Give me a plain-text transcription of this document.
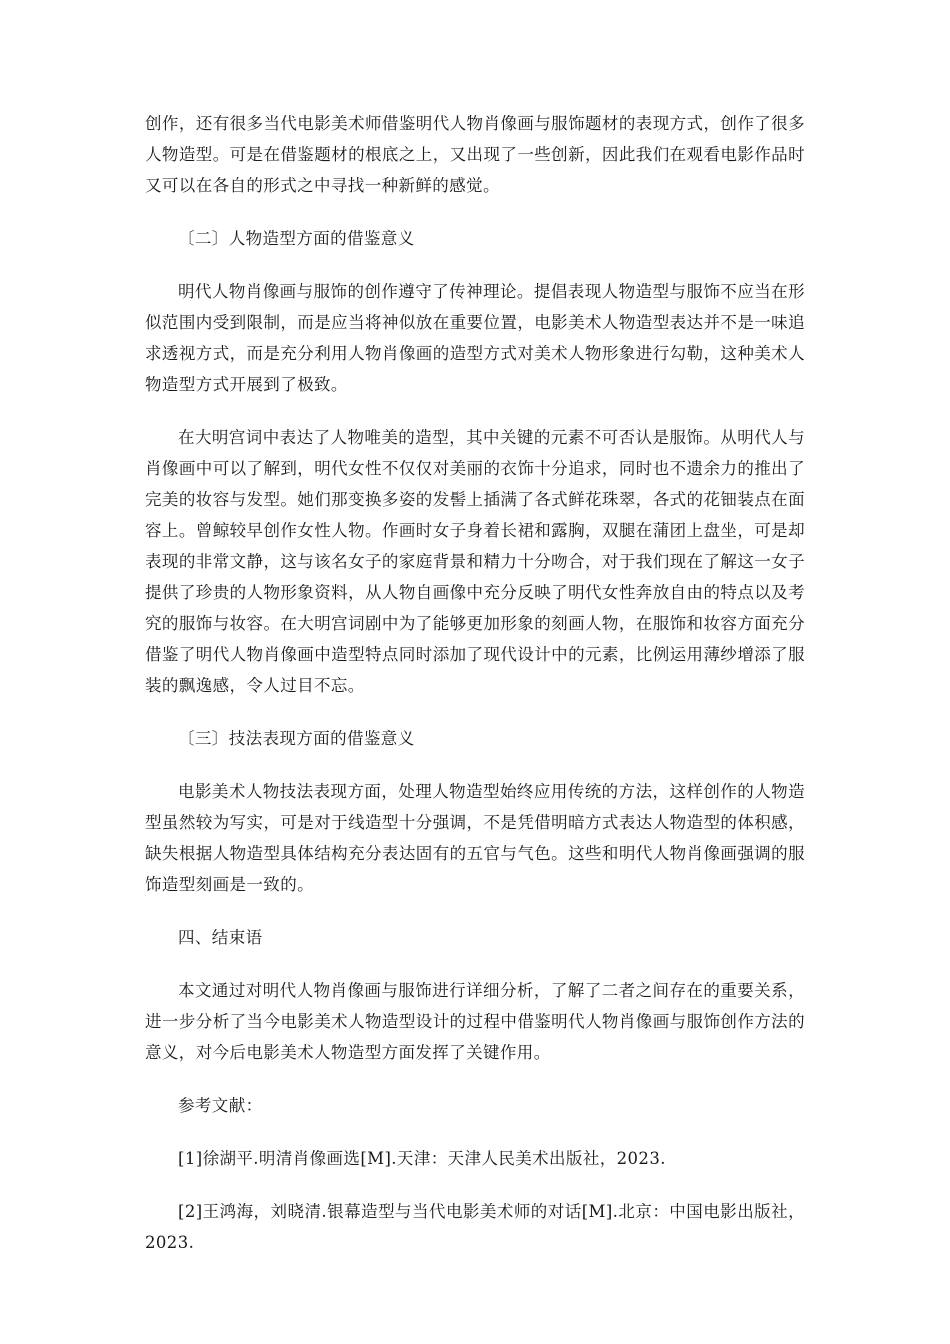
创作，还有很多当代电影美术师借鉴明代人物肖像画与服饰题材的表现方式，创作了很多人物造型。可是在借鉴题材的根底之上，又出现了一些创新，因此我们在观看电影作品时又可以在各自的形式之中寻找一种新鲜的感觉。

〔二〕人物造型方面的借鉴意义

明代人物肖像画与服饰的创作遵守了传神理论。提倡表现人物造型与服饰不应当在形似范围内受到限制，而是应当将神似放在重要位置，电影美术人物造型表达并不是一味追求透视方式，而是充分利用人物肖像画的造型方式对美术人物形象进行勾勒，这种美术人物造型方式开展到了极致。

在大明宫词中表达了人物唯美的造型，其中关键的元素不可否认是服饰。从明代人与肖像画中可以了解到，明代女性不仅仅对美丽的衣饰十分追求，同时也不遗余力的推出了完美的妆容与发型。她们那变换多姿的发髻上插满了各式鲜花珠翠，各式的花钿装点在面容上。曾鲸较早创作女性人物。作画时女子身着长裙和露胸，双腿在蒲团上盘坐，可是却表现的非常文静，这与该名女子的家庭背景和精力十分吻合，对于我们现在了解这一女子提供了珍贵的人物形象资料，从人物自画像中充分反映了明代女性奔放自由的特点以及考究的服饰与妆容。在大明宫词剧中为了能够更加形象的刻画人物，在服饰和妆容方面充分借鉴了明代人物肖像画中造型特点同时添加了现代设计中的元素，比例运用薄纱增添了服装的飘逸感，令人过目不忘。

〔三〕技法表现方面的借鉴意义

电影美术人物技法表现方面，处理人物造型始终应用传统的方法，这样创作的人物造型虽然较为写实，可是对于线造型十分强调，不是凭借明暗方式表达人物造型的体积感，缺失根据人物造型具体结构充分表达固有的五官与气色。这些和明代人物肖像画强调的服饰造型刻画是一致的。

四、结束语

本文通过对明代人物肖像画与服饰进行详细分析，了解了二者之间存在的重要关系，进一步分析了当今电影美术人物造型设计的过程中借鉴明代人物肖像画与服饰创作方法的意义，对今后电影美术人物造型方面发挥了关键作用。

参考文献：

[1]徐湖平.明清肖像画选[M].天津：天津人民美术出版社，2023.

[2]王鸿海，刘晓清.银幕造型与当代电影美术师的对话[M].北京：中国电影出版社，2023.
